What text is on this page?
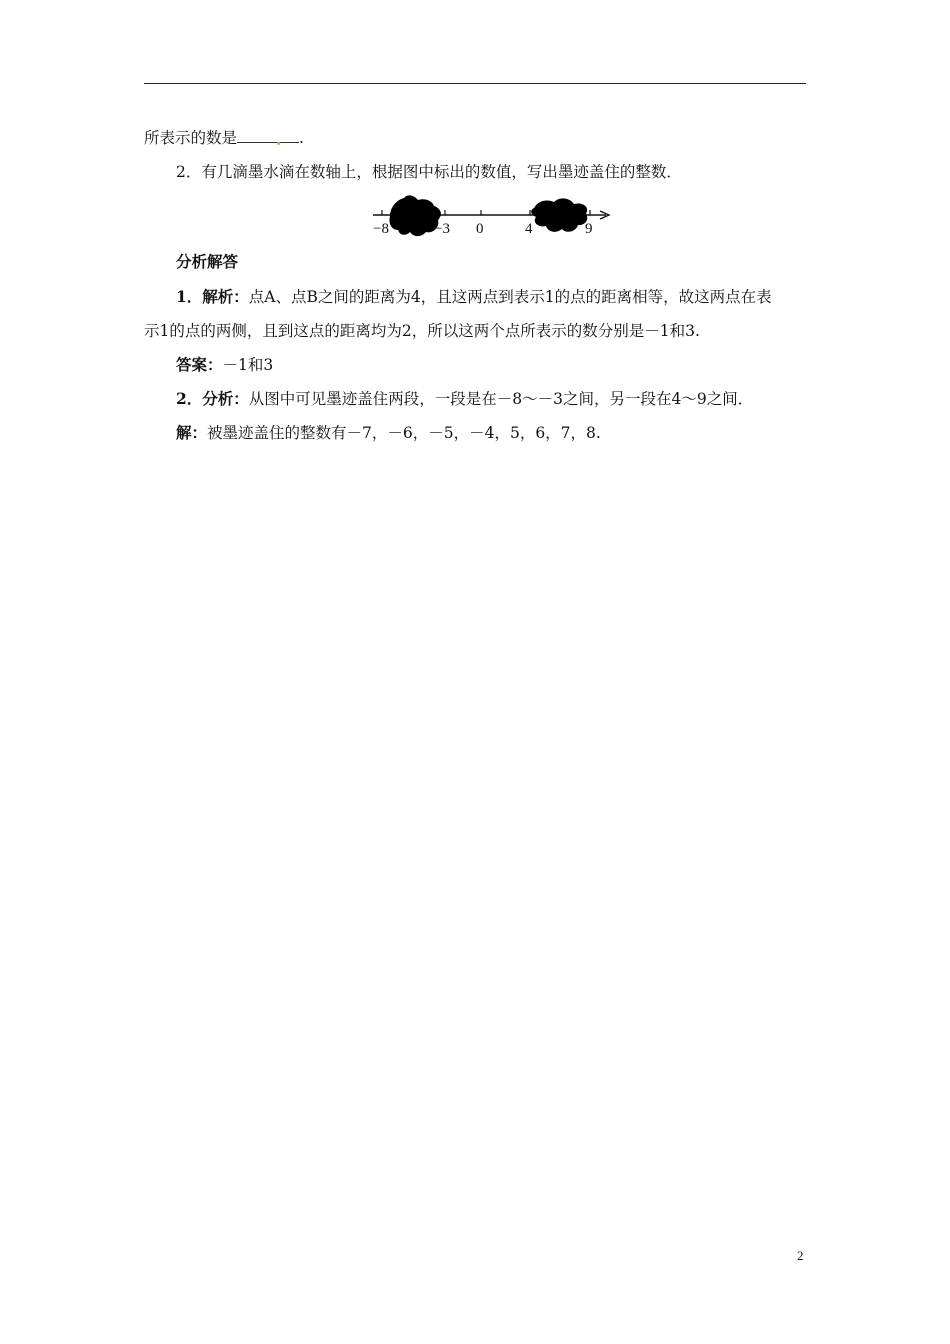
所表示的数是	.
2．有几滴墨水滴在数轴上，根据图中标出的数值，写出墨迹盖住的整数．
−8	−3 0	4	9
分析解答
1．解析：点A、点B之间的距离为4，且这两点到表示1的点的距离相等，故这两点在表
示1的点的两侧，且到这点的距离均为2，所以这两个点所表示的数分别是－1和3.
答案：－1和3
2．分析：从图中可见墨迹盖住两段，一段是在－8～－3之间，另一段在4～9之间．
解：被墨迹盖住的整数有－7，－6，－5，－4，5，6，7，8.
2
